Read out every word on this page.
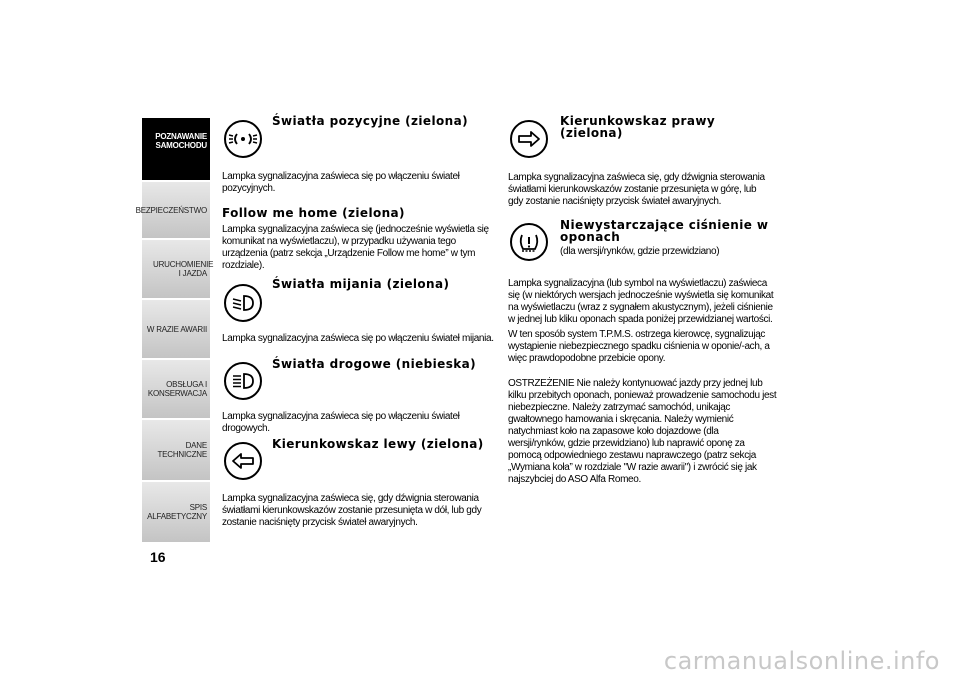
POZNAWANIE SAMOCHODU
BEZPIECZEŃSTWO
URUCHOMIENIE I JAZDA
W RAZIE AWARII
OBSŁUGA I KONSERWACJA
DANE TECHNICZNE
SPIS ALFABETYCZNY
16
Światła pozycyjne (zielona)
Lampka sygnalizacyjna zaświeca się po włączeniu świateł pozycyjnych.
Follow me home (zielona)
Lampka sygnalizacyjna zaświeca się (jednocześnie wyświetla się komunikat na wyświetlaczu), w przypadku używania tego urządzenia (patrz sekcja „Urządzenie Follow me home” w tym rozdziale).
Światła mijania (zielona)
Lampka sygnalizacyjna zaświeca się po włączeniu świateł mijania.
Światła drogowe (niebieska)
Lampka sygnalizacyjna zaświeca się po włączeniu świateł drogowych.
Kierunkowskaz lewy (zielona)
Lampka sygnalizacyjna zaświeca się, gdy dźwignia sterowania światłami kierunkowskazów zostanie przesunięta w dół, lub gdy zostanie naciśnięty przycisk świateł awaryjnych.
Kierunkowskaz prawy
(zielona)
Lampka sygnalizacyjna zaświeca się, gdy dźwignia sterowania światłami kierunkowskazów zostanie przesunięta w górę, lub gdy zostanie naciśnięty przycisk świateł awaryjnych.
Niewystarczające ciśnienie w
oponach
(dla wersji/rynków, gdzie przewidziano)

Lampka sygnalizacyjna (lub symbol na wyświetlaczu) zaświeca się (w niektórych wersjach jednocześnie wyświetla się komunikat na wyświetlaczu (wraz z sygnałem akustycznym), jeżeli ciśnienie w jednej lub kliku oponach spada poniżej przewidzianej wartości.

W ten sposób system T.P.M.S. ostrzega kierowcę, sygnalizując wystąpienie niebezpiecznego spadku ciśnienia w oponie/-ach, a więc prawdopodobne przebicie opony.

OSTRZEŻENIE Nie należy kontynuować jazdy przy jednej lub kilku przebitych oponach, ponieważ prowadzenie samochodu jest niebezpieczne. Należy zatrzymać samochód, unikając gwałtownego hamowania i skręcania. Należy wymienić natychmiast koło na zapasowe koło dojazdowe (dla wersji/rynków, gdzie przewidziano) lub naprawić oponę za pomocą odpowiedniego zestawu naprawczego (patrz sekcja „Wymiana koła” w rozdziale "W razie awarii") i zwrócić się jak najszybciej do ASO Alfa Romeo.

carmanualsonline.info
